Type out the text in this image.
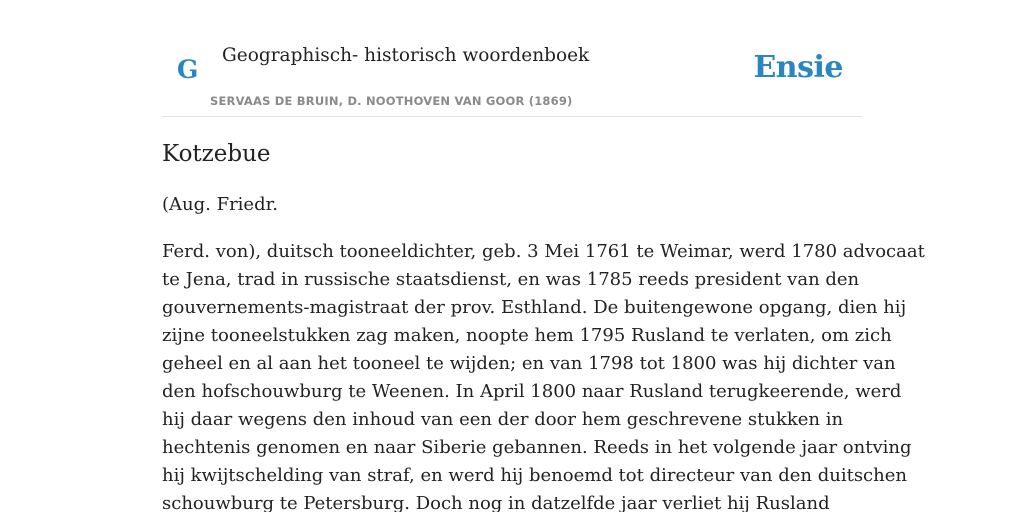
G Geographisch- historisch woordenboek
SERVAAS DE BRUIN, D. NOOTHOVEN VAN GOOR (1869)
Ensie
Kotzebue

(Aug. Friedr.

Ferd. von), duitsch tooneeldichter, geb. 3 Mei 1761 te Weimar, werd 1780 advocaat
te Jena, trad in russische staatsdienst, en was 1785 reeds president van den
gouvernements-magistraat der prov. Esthland. De buitengewone opgang, dien hij
zijne tooneelstukken zag maken, noopte hem 1795 Rusland te verlaten, om zich
geheel en al aan het tooneel te wijden; en van 1798 tot 1800 was hij dichter van
den hofschouwburg te Weenen. In April 1800 naar Rusland terugkeerende, werd
hij daar wegens den inhoud van een der door hem geschrevene stukken in
hechtenis genomen en naar Siberie gebannen. Reeds in het volgende jaar ontving
hij kwijtschelding van straf, en werd hij benoemd tot directeur van den duitschen
schouwburg te Petersburg. Doch nog in datzelfde jaar verliet hij Rusland
